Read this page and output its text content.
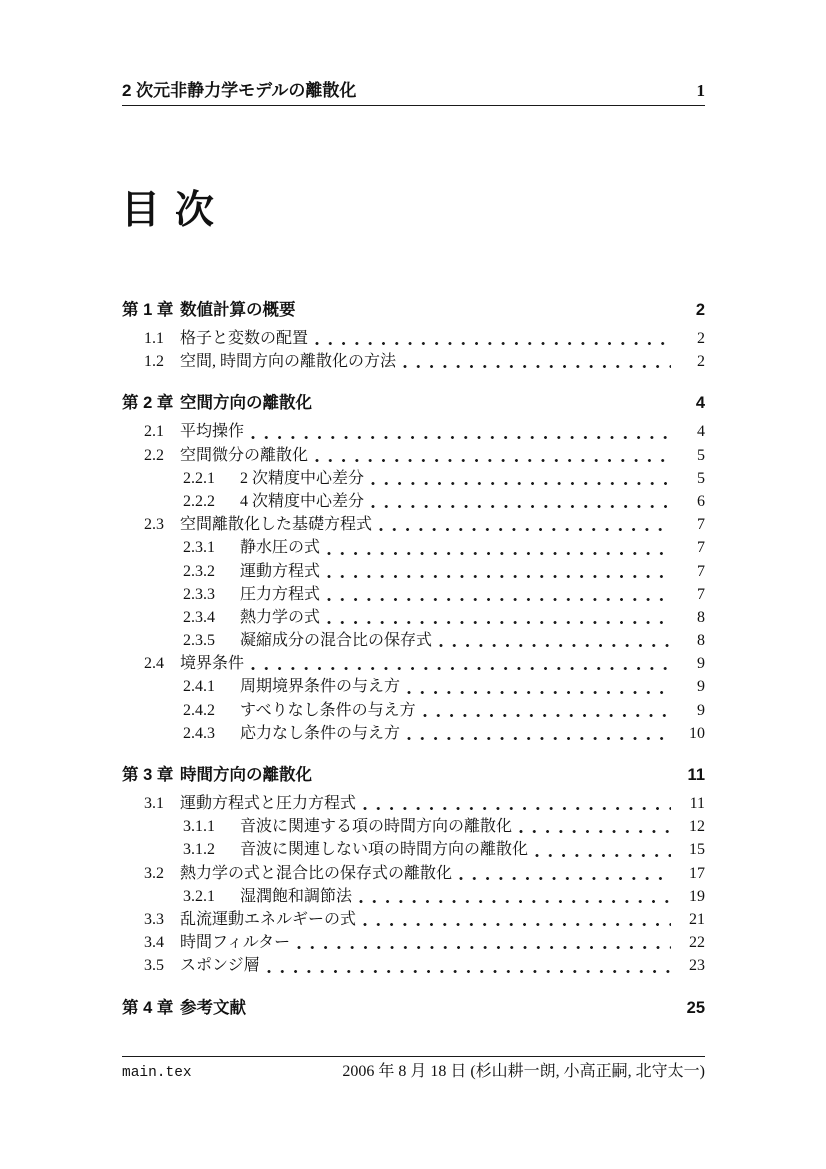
2 次元非静力学モデルの離散化	1
目 次
第 1 章 数値計算の概要	2
1.1	格子と変数の配置	2
1.2	空間, 時間方向の離散化の方法	2
第 2 章 空間方向の離散化	4
2.1	平均操作	4
2.2	空間微分の離散化	5
2.2.1	2 次精度中心差分	5
2.2.2	4 次精度中心差分	6
2.3	空間離散化した基礎方程式	7
2.3.1	静水圧の式	7
2.3.2	運動方程式	7
2.3.3	圧力方程式	7
2.3.4	熱力学の式	8
2.3.5	凝縮成分の混合比の保存式	8
2.4	境界条件	9
2.4.1	周期境界条件の与え方	9
2.4.2	すべりなし条件の与え方	9
2.4.3	応力なし条件の与え方	10
第 3 章 時間方向の離散化	11
3.1	運動方程式と圧力方程式	11
3.1.1	音波に関連する項の時間方向の離散化	12
3.1.2	音波に関連しない項の時間方向の離散化	15
3.2	熱力学の式と混合比の保存式の離散化	17
3.2.1	湿潤飽和調節法	19
3.3	乱流運動エネルギーの式	21
3.4	時間フィルター	22
3.5	スポンジ層	23
第 4 章 参考文献	25
main.tex	2006 年 8 月 18 日 (杉山耕一朗, 小高正嗣, 北守太一)
